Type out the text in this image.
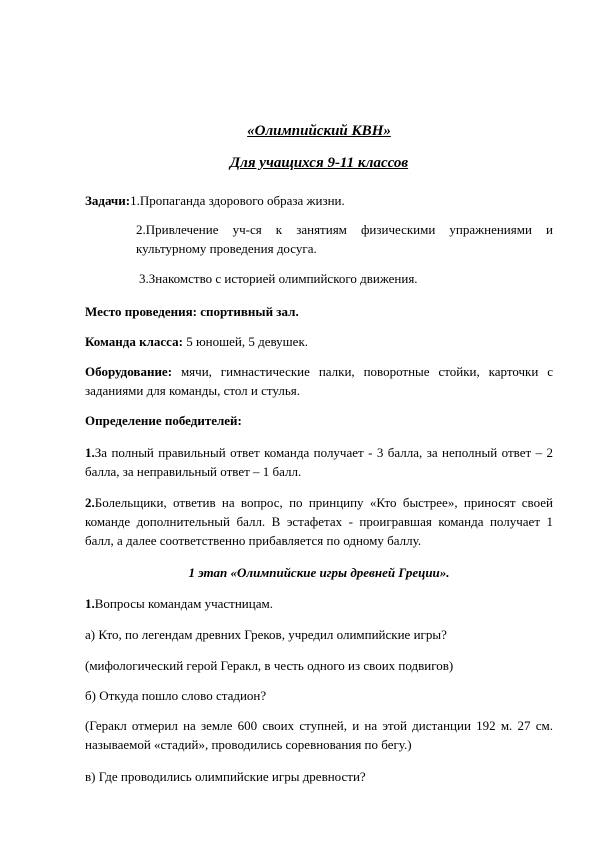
«Олимпийский КВН»

Для учащихся 9-11 классов

Задачи:1.Пропаганда здорового образа жизни.

2.Привлечение уч-ся к занятиям физическими упражнениями и культурному проведения досуга.

3.Знакомство с историей олимпийского движения.

Место проведения: спортивный зал.

Команда класса: 5 юношей, 5 девушек.

Оборудование: мячи, гимнастические палки, поворотные стойки, карточки с заданиями для команды, стол и стулья.

Определение победителей:

1.За полный правильный ответ команда получает - 3 балла, за неполный ответ – 2 балла, за неправильный ответ – 1 балл.

2.Болельщики, ответив на вопрос, по принципу «Кто быстрее», приносят своей команде дополнительный балл. В эстафетах - проигравшая команда получает 1 балл, а далее соответственно прибавляется по одному баллу.

1 этап «Олимпийские игры древней Греции».

1.Вопросы командам участницам.

а) Кто, по легендам древних Греков, учредил олимпийские игры?

(мифологический герой Геракл, в честь одного из своих подвигов)

б) Откуда пошло слово стадион?

(Геракл отмерил на земле 600 своих ступней, и на этой дистанции 192 м. 27 см. называемой «стадий», проводились соревнования по бегу.)

в) Где проводились олимпийские игры древности?
